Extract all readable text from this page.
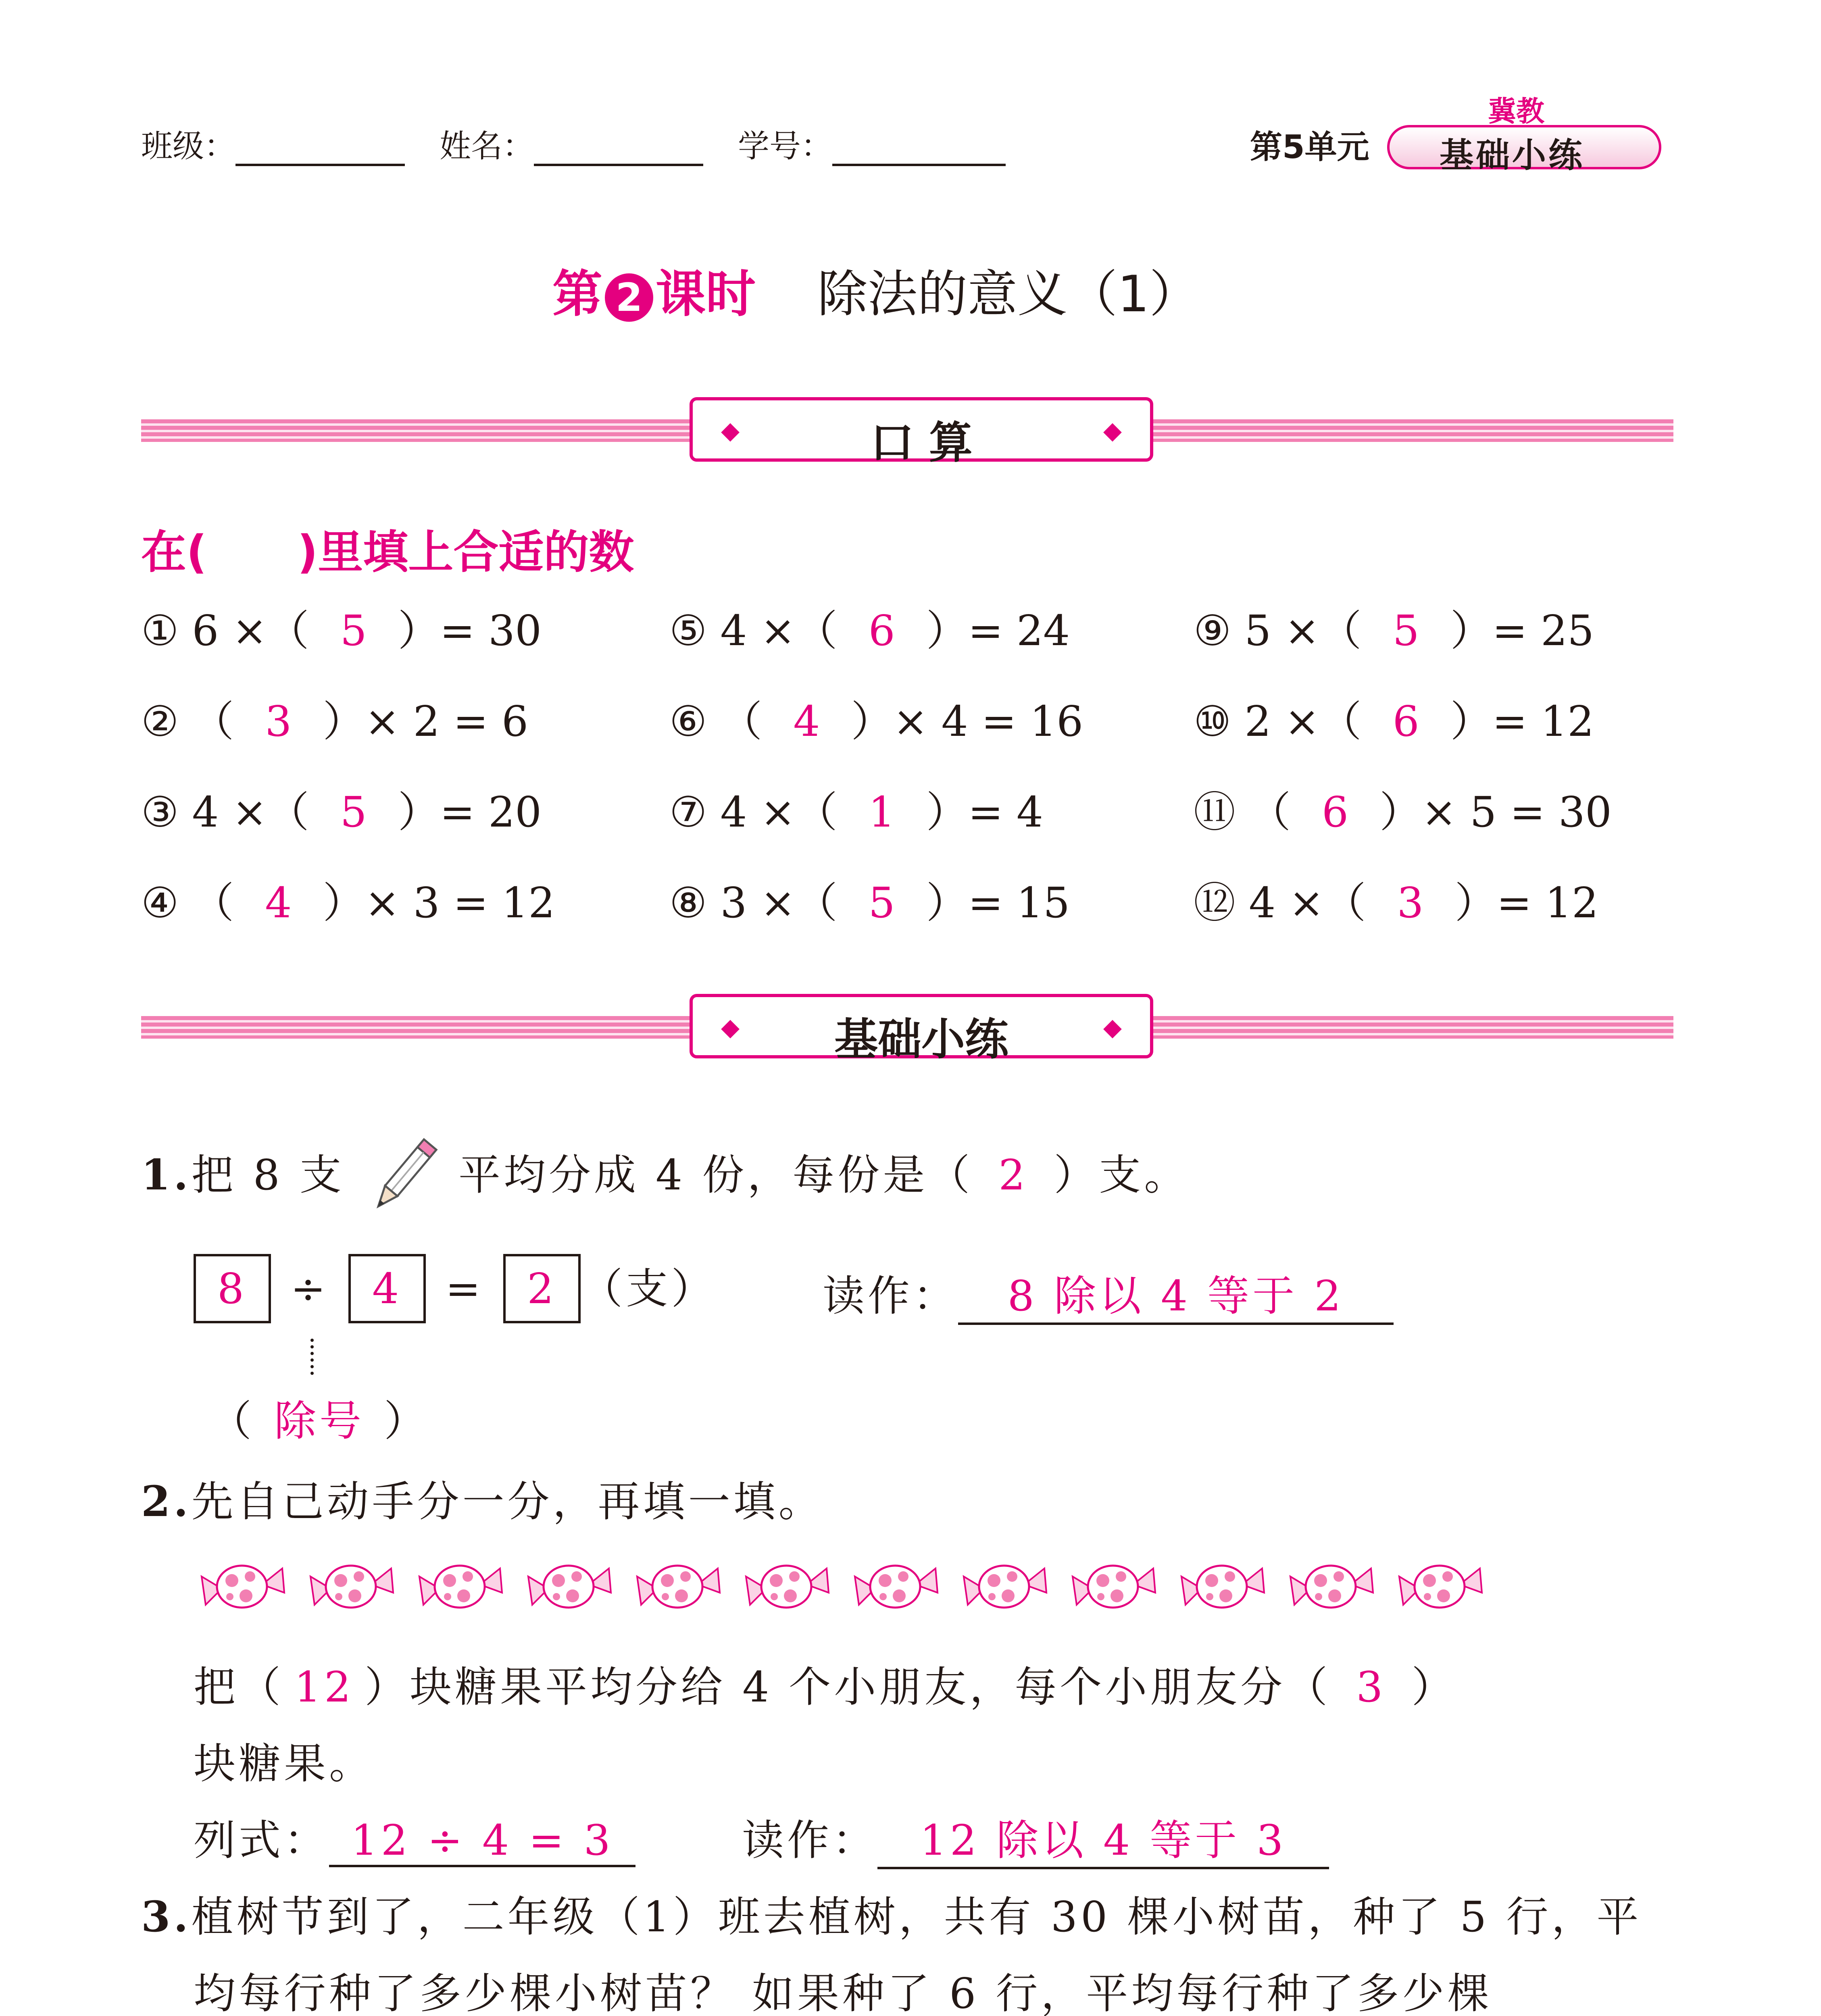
班级：	姓名：	学号：	第5单元
冀教
基础小练
第 2 课时 除法的意义（1）
◆	口 算	◆
在(　　)里填上合适的数
① 6 ×（ 5 ）= 30	⑤ 4 ×（ 6 ）= 24	⑨ 5 ×（ 5 ）= 25
② （ 3 ）× 2 = 6	⑥ （ 4 ）× 4 = 16	⑩ 2 ×（ 6 ）= 12
③ 4 ×（ 5 ）= 20	⑦ 4 ×（ 1 ）= 4	⑪ （ 6 ）× 5 = 30
④ （ 4 ）× 3 = 12	⑧ 3 ×（ 5 ）= 15	⑫ 4 ×（ 3 ）= 12
◆	基础小练	◆
1.把 8 支	平均分成 4 份，每份是（ 2 ）支。
8 ÷ 4 = 2 （支）	读作： 8 除以 4 等于 2
（ 除号 ）
2.先自己动手分一分，再填一填。
把（ 12 ）块糖果平均分给 4 个小朋友，每个小朋友分（ 3 ）
块糖果。
列式： 12 ÷ 4 = 3	读作： 12 除以 4 等于 3
3.植树节到了，二年级（1）班去植树，共有 30 棵小树苗，种了 5 行，平
均每行种了多少棵小树苗？ 如果种了 6 行，平均每行种了多少棵
